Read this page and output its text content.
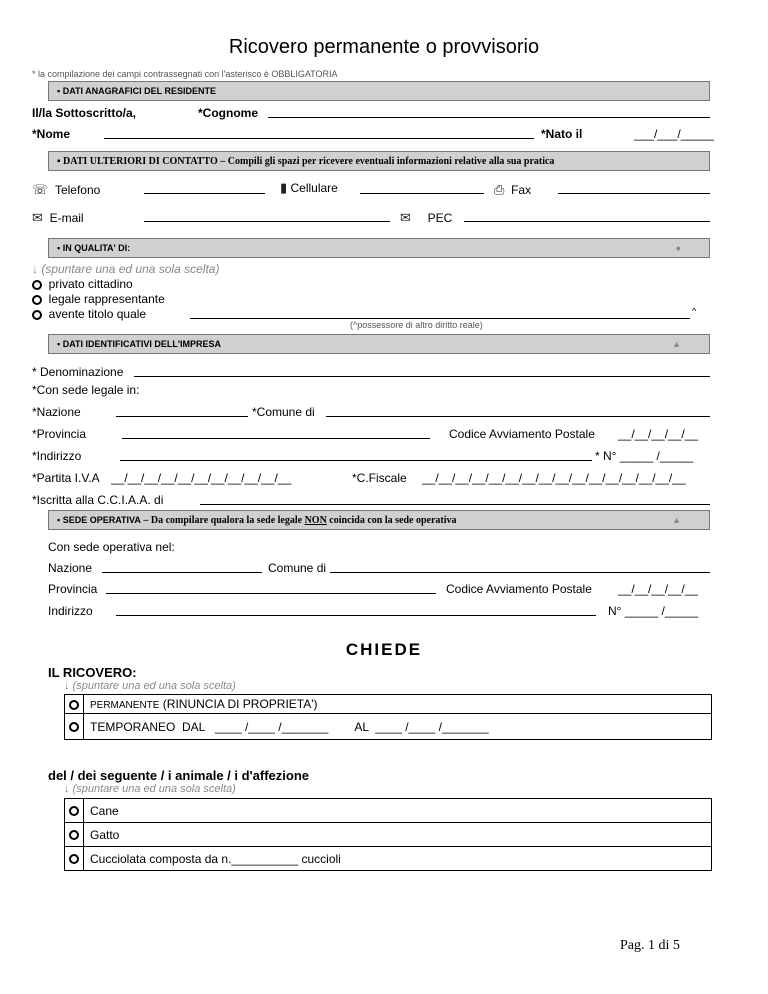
Ricovero permanente o provvisorio
* la compilazione dei campi contrassegnati con l'asterisco è OBBLIGATORIA
▪ DATI ANAGRAFICI DEL RESIDENTE
Il/la Sottoscritto/a,	*Cognome
*Nome	*Nato il	___/___/_____
▪ DATI ULTERIORI DI CONTATTO – Compili gli spazi per ricevere eventuali informazioni relative alla sua pratica
☏ Telefono	▮ Cellulare	⎙ Fax
✉ E-mail	✉ PEC
▪ IN QUALITA' DI:	●
↓ (spuntare una ed una sola scelta)
privato cittadino
legale rappresentante
avente titolo quale	^
(^possessore di altro diritto reale)
▪ DATI IDENTIFICATIVI DELL'IMPRESA	▲
* Denominazione
*Con sede legale in:
*Nazione	*Comune di
*Provincia	Codice Avviamento Postale __/__/__/__/__
*Indirizzo	* N° _____ /_____
*Partita I.V.A __/__/__/__/__/__/__/__/__/__/__	*C.Fiscale __/__/__/__/__/__/__/__/__/__/__/__/__/__/__/__
*Iscritta alla C.C.I.A.A. di
▪ SEDE OPERATIVA – Da compilare qualora la sede legale NON coincida con la sede operativa	▲
Con sede operativa nel:
Nazione	Comune di
Provincia	Codice Avviamento Postale __/__/__/__/__
Indirizzo	N° _____ /_____
CHIEDE
IL RICOVERO:
↓ (spuntare una ed una sola scelta)
	PERMANENTE (RINUNCIA DI PROPRIETA')
	TEMPORANEO  DAL   ____ /____ /_______        AL  ____ /____ /_______
del / dei seguente / i animale / i d'affezione
↓ (spuntare una ed una sola scelta)
	Cane
	Gatto
	Cucciolata composta da n.__________ cuccioli
Pag. 1 di 5
